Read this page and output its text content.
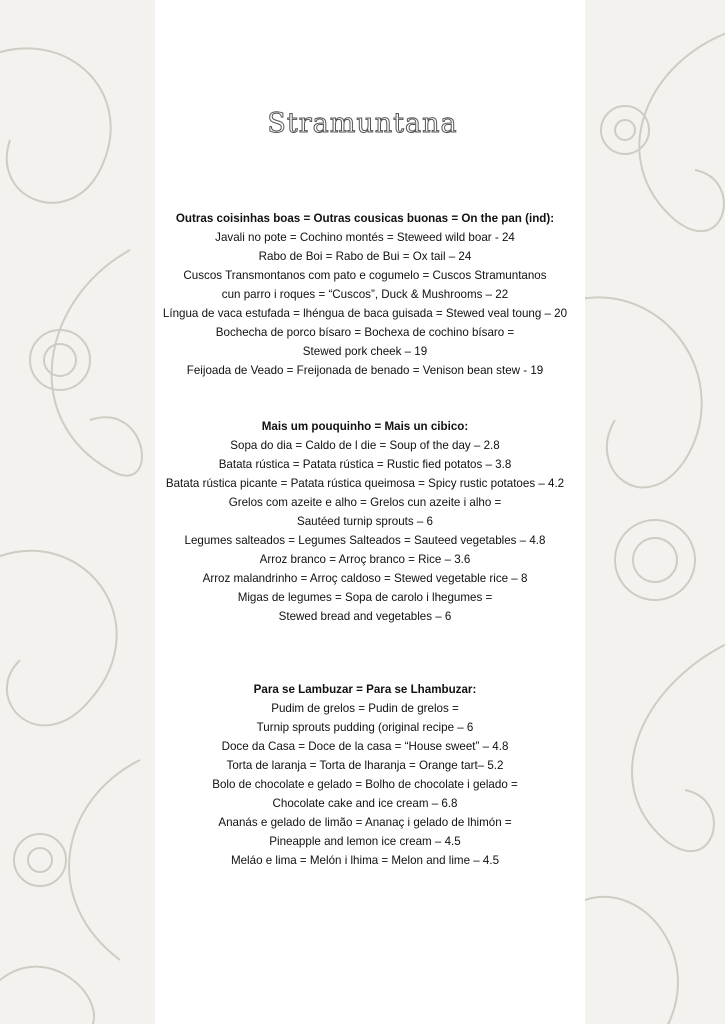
Stramuntana
Outras coisinhas boas = Outras cousicas buonas = On the pan (ind):
Javali no pote = Cochino montés = Steweed wild boar - 24
Rabo de Boi = Rabo de Bui = Ox tail – 24
Cuscos Transmontanos com pato e cogumelo = Cuscos Stramuntanos
cun parro i roques = “Cuscos”, Duck & Mushrooms – 22
Língua de vaca estufada = lhéngua de baca guisada = Stewed veal toung – 20
Bochecha de porco bísaro = Bochexa de cochino bísaro =
Stewed pork cheek – 19
Feijoada de Veado = Freijonada de benado = Venison bean stew - 19
Mais um pouquinho = Mais un cibico:
Sopa do dia = Caldo de l die = Soup of the day – 2.8
Batata rústica = Patata rústica = Rustic fied potatos – 3.8
Batata rústica picante = Patata rústica queimosa = Spicy rustic potatoes – 4.2
Grelos com azeite e alho = Grelos cun azeite i alho =
Sautéed turnip sprouts – 6
Legumes salteados = Legumes Salteados = Sauteed vegetables – 4.8
Arroz branco = Arroç branco = Rice – 3.6
Arroz malandrinho = Arroç caldoso = Stewed vegetable rice – 8
Migas de legumes = Sopa de carolo i lhegumes =
Stewed bread and vegetables – 6
Para se Lambuzar = Para se Lhambuzar:
Pudim de grelos = Pudin de grelos =
Turnip sprouts pudding (original recipe – 6
Doce da Casa = Doce de la casa = “House sweet” – 4.8
Torta de laranja = Torta de lharanja = Orange tart– 5.2
Bolo de chocolate e gelado = Bolho de chocolate i gelado =
Chocolate cake and ice cream – 6.8
Ananás e gelado de limão = Ananaç i gelado de lhimón =
Pineapple and lemon ice cream – 4.5
Meláo e lima = Melón i lhima = Melon and lime – 4.5
